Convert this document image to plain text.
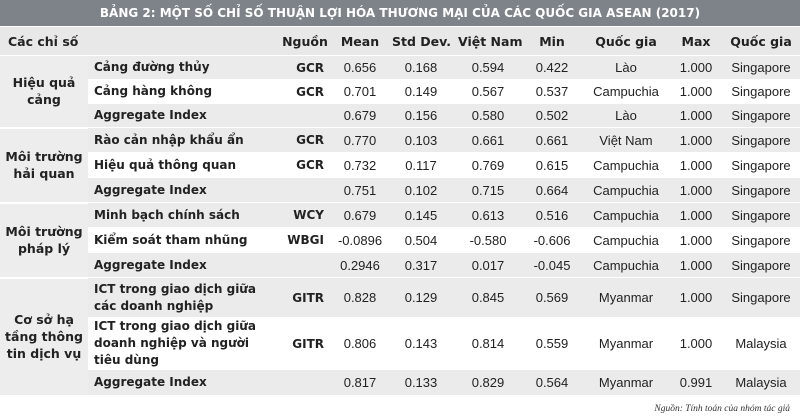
BẢNG 2: MỘT SỐ CHỈ SỐ THUẬN LỢI HÓA THƯƠNG MẠI CỦA CÁC QUỐC GIA ASEAN (2017)
Các chỉ số		Nguồn	Mean	Std Dev.	Việt Nam	Min	Quốc gia	Max	Quốc gia
Hiệu quả cảng	Cảng đường thủy	GCR	0.656	0.168	0.594	0.422	Lào	1.000	Singapore
	Cảng hàng không	GCR	0.701	0.149	0.567	0.537	Campuchia	1.000	Singapore
	Aggregate Index		0.679	0.156	0.580	0.502	Lào	1.000	Singapore
Môi trường hải quan	Rào cản nhập khẩu ẩn	GCR	0.770	0.103	0.661	0.661	Việt Nam	1.000	Singapore
	Hiệu quả thông quan	GCR	0.732	0.117	0.769	0.615	Campuchia	1.000	Singapore
	Aggregate Index		0.751	0.102	0.715	0.664	Campuchia	1.000	Singapore
Môi trường pháp lý	Minh bạch chính sách	WCY	0.679	0.145	0.613	0.516	Campuchia	1.000	Singapore
	Kiểm soát tham nhũng	WBGI	-0.0896	0.504	-0.580	-0.606	Campuchia	1.000	Singapore
	Aggregate Index		0.2946	0.317	0.017	-0.045	Campuchia	1.000	Singapore
Cơ sở hạ tầng thông tin dịch vụ	ICT trong giao dịch giữa các doanh nghiệp	GITR	0.828	0.129	0.845	0.569	Myanmar	1.000	Singapore
	ICT trong giao dịch giữa doanh nghiệp và người tiêu dùng	GITR	0.806	0.143	0.814	0.559	Myanmar	1.000	Malaysia
	Aggregate Index		0.817	0.133	0.829	0.564	Myanmar	0.991	Malaysia
Nguồn: Tính toán của nhóm tác giả
